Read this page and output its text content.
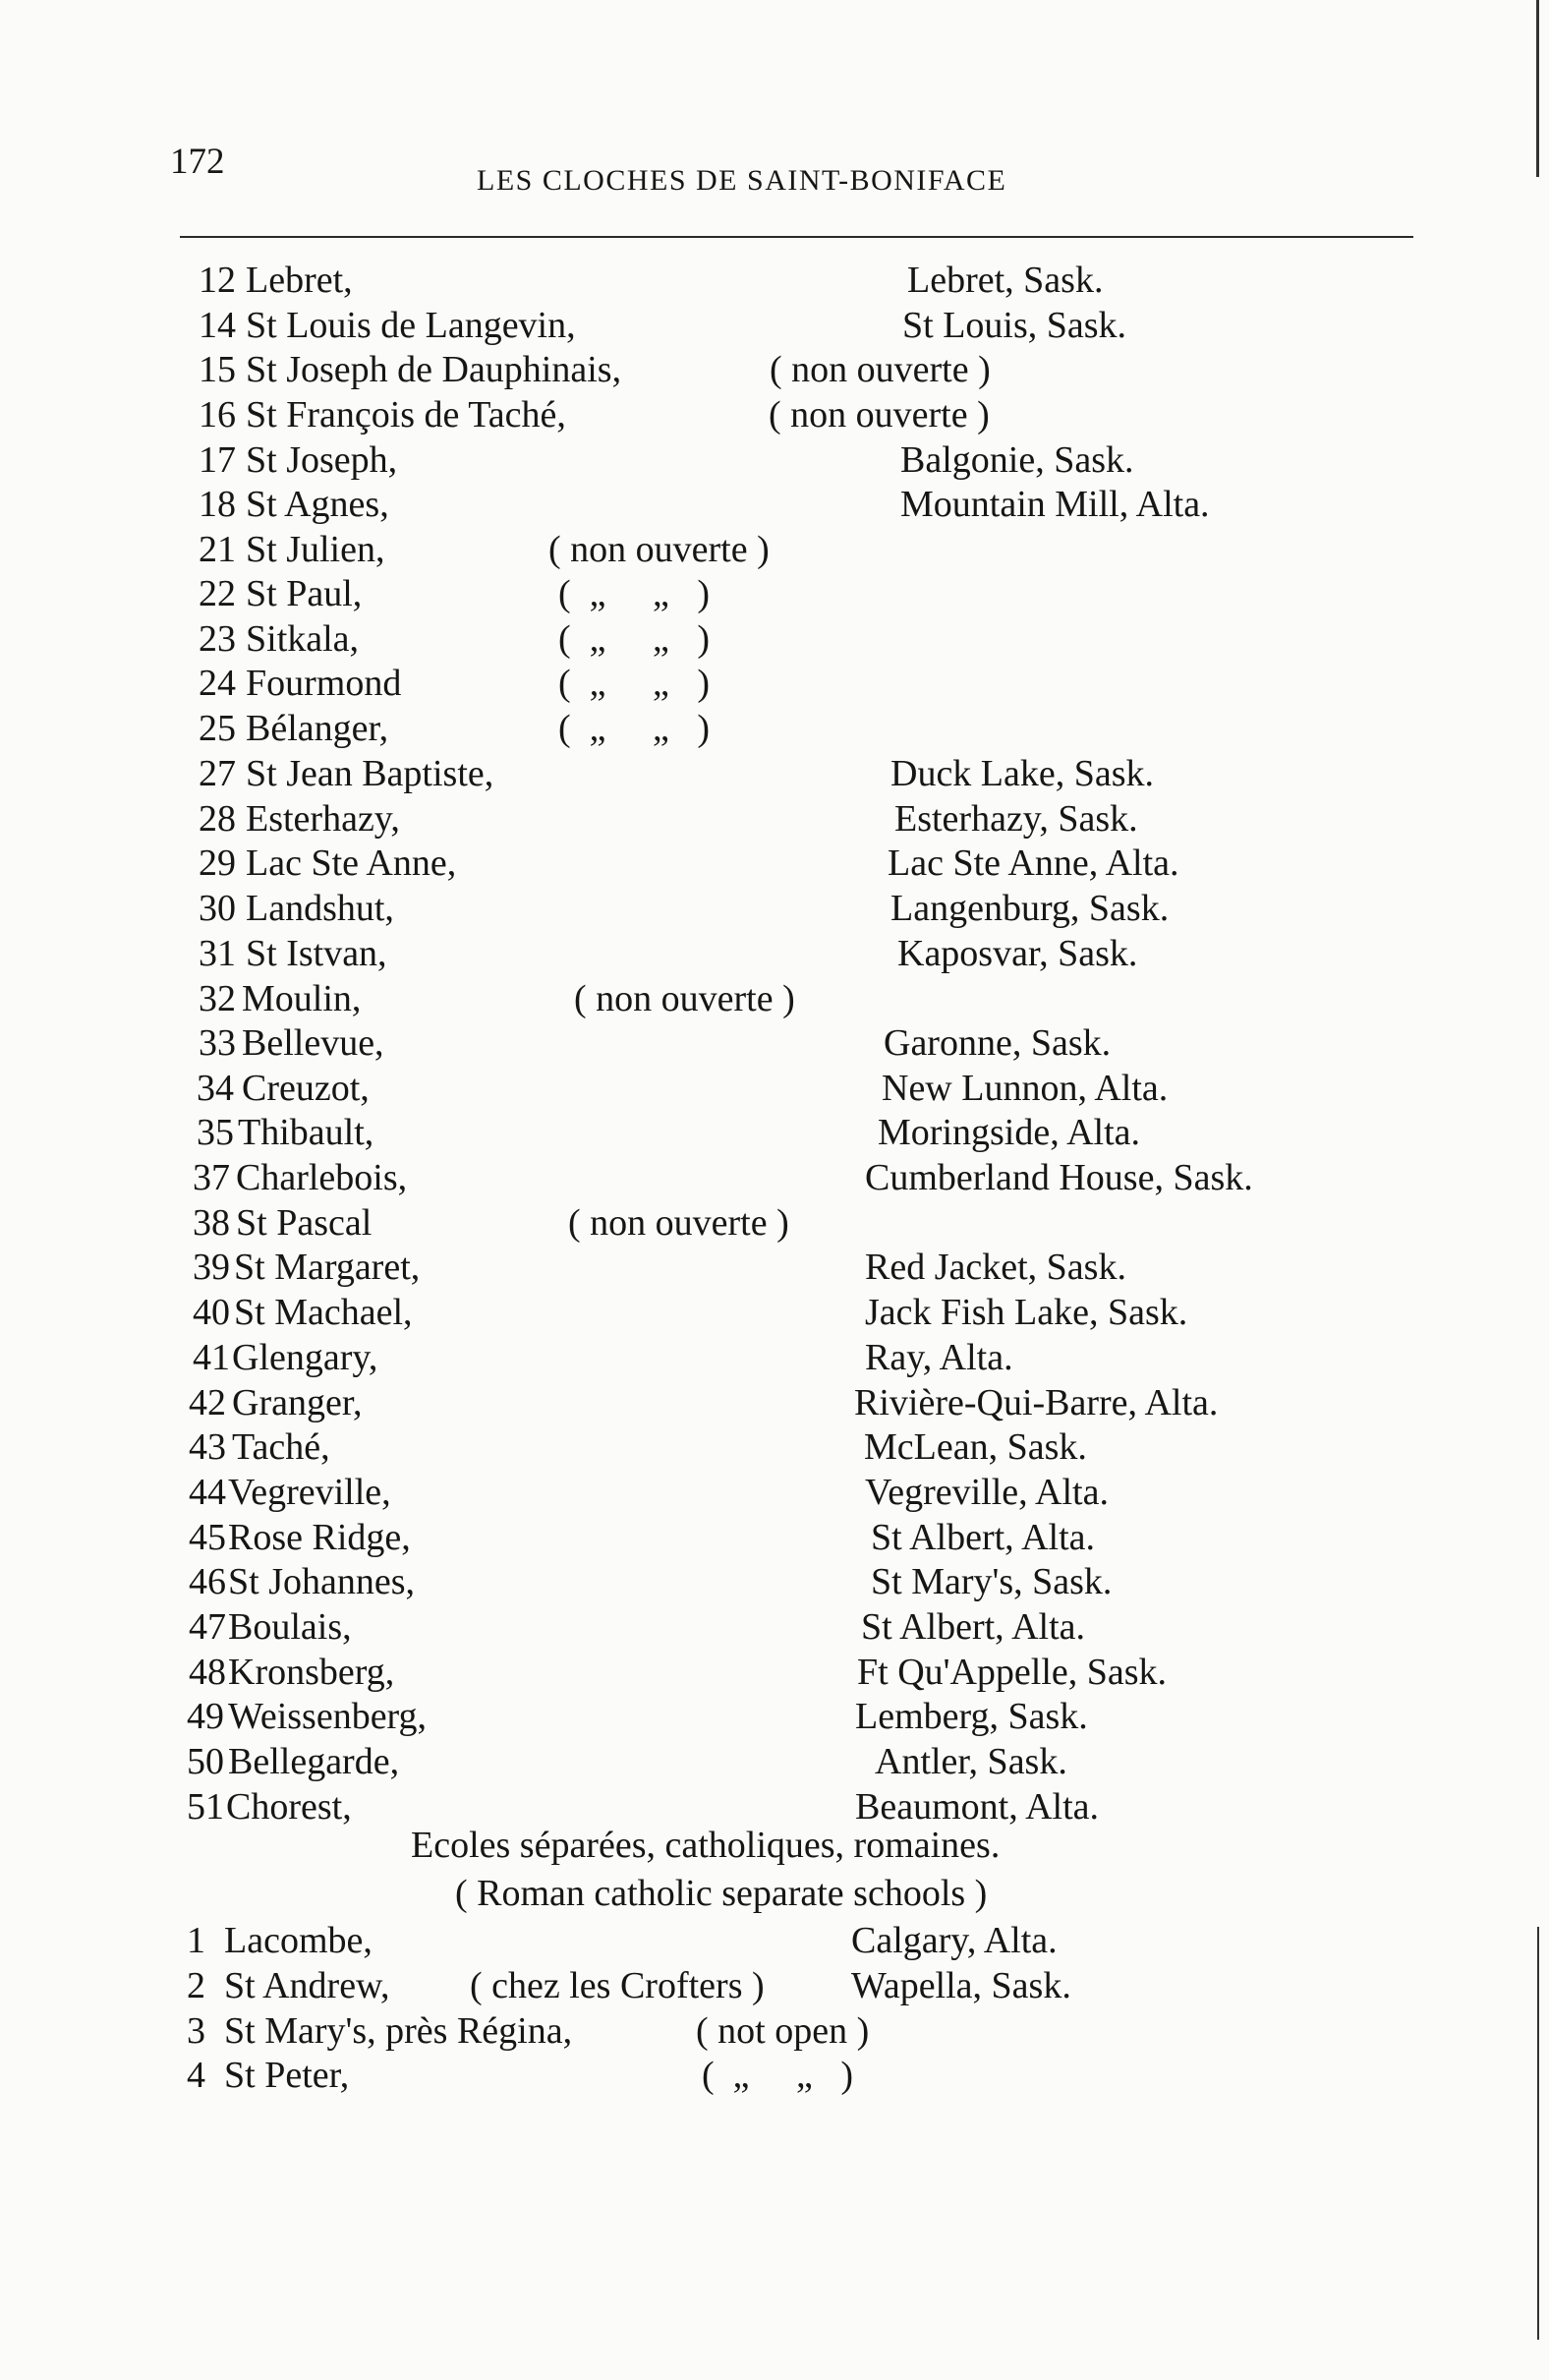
172	LES CLOCHES DE SAINT-BONIFACE
12 Lebret,	Lebret, Sask.
14 St Louis de Langevin,	St Louis, Sask.
15 St Joseph de Dauphinais,	( non ouverte )
16 St François de Taché,	( non ouverte )
17 St Joseph,	Balgonie, Sask.
18 St Agnes,	Mountain Mill, Alta.
21 St Julien,	( non ouverte )
22 St Paul,	(  „     „   )
23 Sitkala,	(  „     „   )
24 Fourmond	(  „     „   )
25 Bélanger,	(  „     „   )
27 St Jean Baptiste,	Duck Lake, Sask.
28 Esterhazy,	Esterhazy, Sask.
29 Lac Ste Anne,	Lac Ste Anne, Alta.
30 Landshut,	Langenburg, Sask.
31 St Istvan,	Kaposvar, Sask.
32 Moulin,	( non ouverte )
33 Bellevue,	Garonne, Sask.
34 Creuzot,	New Lunnon, Alta.
35 Thibault,	Moringside, Alta.
37 Charlebois,	Cumberland House, Sask.
38 St Pascal	( non ouverte )
39 St Margaret,	Red Jacket, Sask.
40 St Machael,	Jack Fish Lake, Sask.
41 Glengary,	Ray, Alta.
42 Granger,	Rivière-Qui-Barre, Alta.
43 Taché,	McLean, Sask.
44 Vegreville,	Vegreville, Alta.
45 Rose Ridge,	St Albert, Alta.
46 St Johannes,	St Mary's, Sask.
47 Boulais,	St Albert, Alta.
48 Kronsberg,	Ft Qu'Appelle, Sask.
49 Weissenberg,	Lemberg, Sask.
50 Bellegarde,	Antler, Sask.
51 Chorest,	Beaumont, Alta.
Ecoles séparées, catholiques, romaines.
( Roman catholic separate schools )
1 Lacombe,	Calgary, Alta.
2 St Andrew, ( chez les Crofters ) Wapella, Sask.
3 St Mary's, près Régina,	( not open )
4 St Peter,	(  „     „   )
